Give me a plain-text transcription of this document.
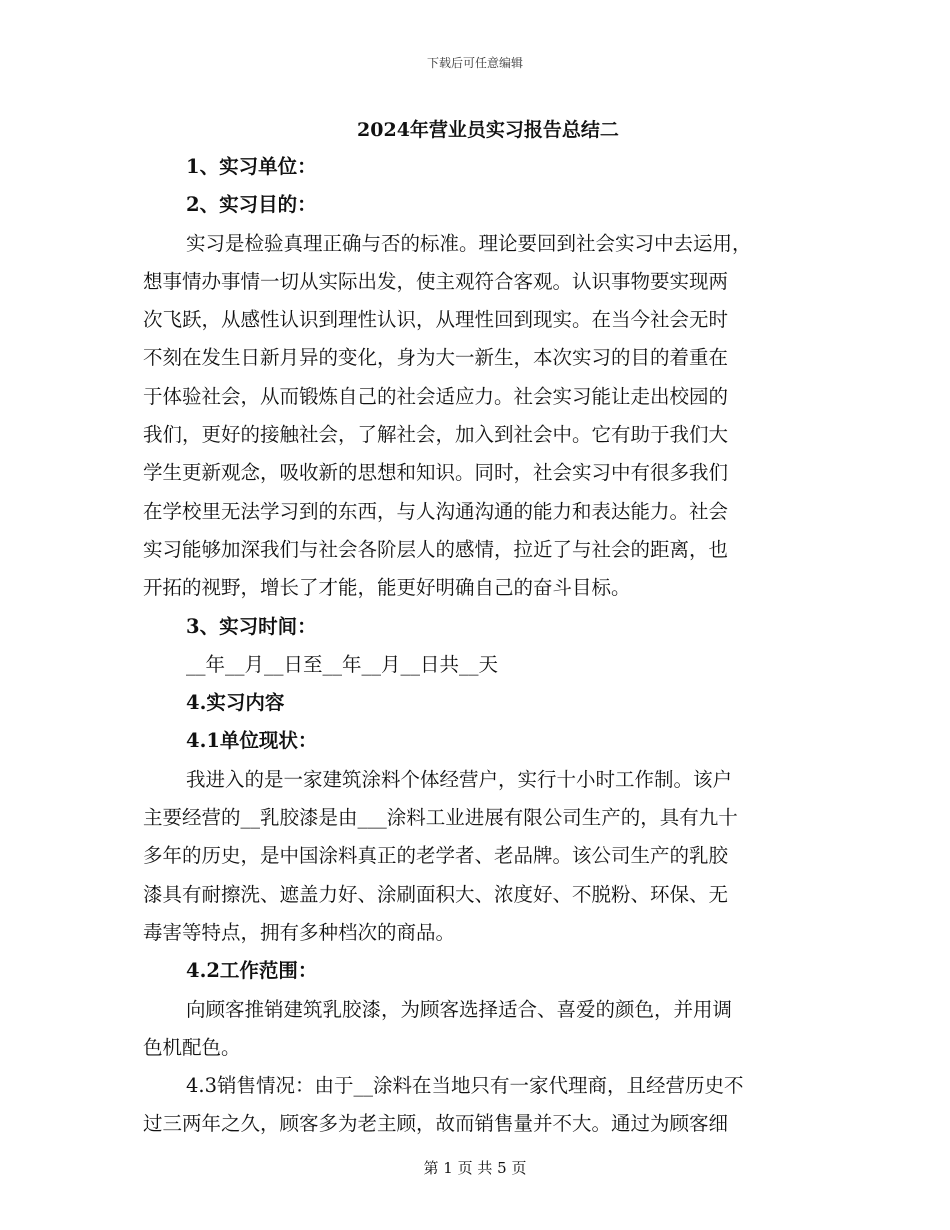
下载后可任意编辑
2024年营业员实习报告总结二
1、实习单位：
2、实习目的：
实习是检验真理正确与否的标准。理论要回到社会实习中去运用，
想事情办事情一切从实际出发，使主观符合客观。认识事物要实现两
次飞跃，从感性认识到理性认识，从理性回到现实。在当今社会无时
不刻在发生日新月异的变化，身为大一新生，本次实习的目的着重在
于体验社会，从而锻炼自己的社会适应力。社会实习能让走出校园的
我们，更好的接触社会，了解社会，加入到社会中。它有助于我们大
学生更新观念，吸收新的思想和知识。同时，社会实习中有很多我们
在学校里无法学习到的东西，与人沟通沟通的能力和表达能力。社会
实习能够加深我们与社会各阶层人的感情，拉近了与社会的距离，也
开拓的视野，增长了才能，能更好明确自己的奋斗目标。
3、实习时间：
__年__月__日至__年__月__日共__天
4.实习内容
4.1单位现状：
我进入的是一家建筑涂料个体经营户，实行十小时工作制。该户
主要经营的__乳胶漆是由___涂料工业进展有限公司生产的，具有九十
多年的历史，是中国涂料真正的老学者、老品牌。该公司生产的乳胶
漆具有耐擦洗、遮盖力好、涂刷面积大、浓度好、不脱粉、环保、无
毒害等特点，拥有多种档次的商品。
4.2工作范围：
向顾客推销建筑乳胶漆，为顾客选择适合、喜爱的颜色，并用调
色机配色。
4.3销售情况：由于__涂料在当地只有一家代理商，且经营历史不
过三两年之久，顾客多为老主顾，故而销售量并不大。通过为顾客细
第 1 页 共 5 页
